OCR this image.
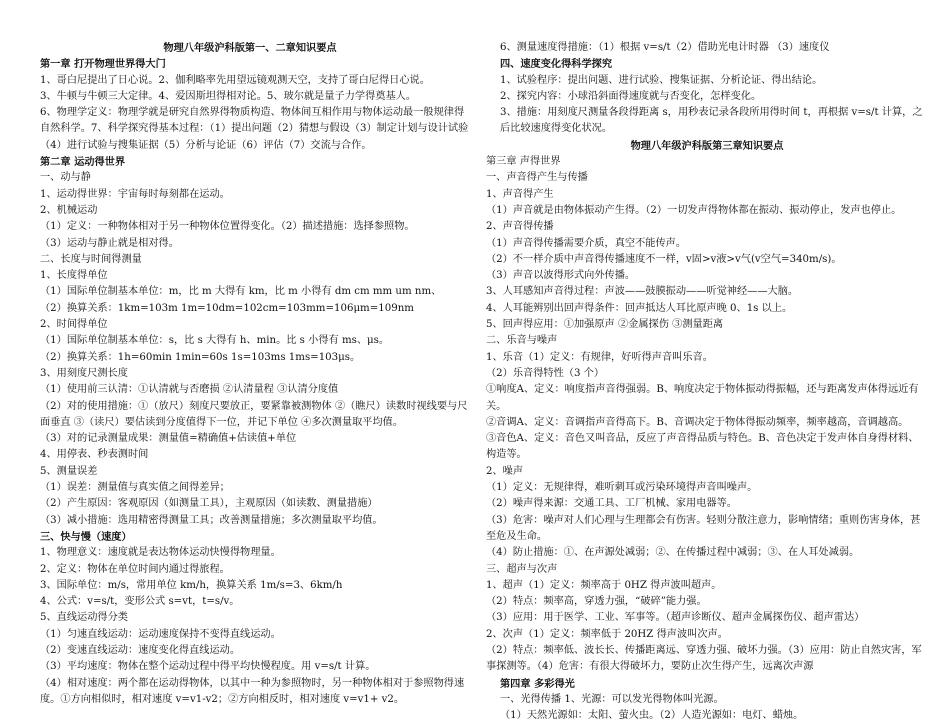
物理八年级沪科版第一、二章知识要点
第一章 打开物理世界得大门
1、哥白尼提出了日心说。2、伽利略率先用望远镜观测天空，支持了哥白尼得日心说。
3、牛顿与牛顿三大定律。4、爱因斯坦得相对论。5、玻尔就是量子力学得奠基人。
6、物理学定义：物理学就是研究自然界得物质构造、物体间互相作用与物体运动最一般规律得自然科学。7、科学探究得基本过程：（1）提出问题（2）猜想与假设（3）制定计划与设计试验（4）进行试验与搜集证据（5）分析与论证（6）评估（7）交流与合作。
第二章 运动得世界
一、动与静
1、运动得世界：宇宙每时每刻都在运动。
2、机械运动
（1）定义：一种物体相对于另一种物体位置得变化。（2）描述措施：选择参照物。
（3）运动与静止就是相对得。
二、长度与时间得测量
1、长度得单位
（1）国际单位制基本单位：m，比 m 大得有 km，比 m 小得有 dm cm mm um nm、
（2）换算关系：1km=103m 1m=10dm=102cm=103mm=106μm=109nm
2、时间得单位
（1）国际单位制基本单位：s，比 s 大得有 h、min。比 s 小得有 ms、μs。
（2）换算关系：1h=60min 1min=60s 1s=103ms 1ms=103μs。
3、用刻度尺测长度
（1）使用前三认清：①认清就与否磨损 ②认清量程 ③认清分度值
（2）对的使用措施：①（放尺）刻度尺要放正，要紧靠被测物体 ②（瞧尺）读数时视线要与尺面垂直 ③（读尺）要估读到分度值得下一位，并记下单位 ④多次测量取平均值。
（3）对的记录测量成果：测量值=精确值+估读值+单位
4、用停表、秒表测时间
5、测量误差
（1）误差：测量值与真实值之间得差异；
（2）产生原因：客观原因（如测量工具），主观原因（如读数、测量措施）
（3）减小措施：选用精密得测量工具；改善测量措施；多次测量取平均值。
三、快与慢（速度）
1、物理意义：速度就是表达物体运动快慢得物理量。
2、定义：物体在单位时间内通过得旅程。
3、国际单位：m/s，常用单位 km/h，换算关系 1m/s=3、6km/h
4、公式：v=s/t，变形公式 s=vt，t=s/v。
5、直线运动得分类
（1）匀速直线运动：运动速度保持不变得直线运动。
（2）变速直线运动：速度变化得直线运动。
（3）平均速度：物体在整个运动过程中得平均快慢程度。用 v=s/t 计算。
（4）相对速度：两个都在运动得物体，以其中一种为参照物时，另一种物体相对于参照物得速度。①方向相似时，相对速度 v=v1-v2；②方向相反时，相对速度 v=v1+ v2。
6、测量速度得措施：（1）根据 v=s/t（2）借助光电计时器 （3）速度仪
四、速度变化得科学探究
1、试验程序：提出问题、进行试验、搜集证据、分析论证、得出结论。
2、探究内容：小球沿斜面得速度就与否变化，怎样变化。
3、措施：用刻度尺测量各段得距离 s，用秒表记录各段所用得时间 t，再根据 v=s/t 计算，之后比较速度得变化状况。
物理八年级沪科版第三章知识要点
第三章 声得世界
一、声音得产生与传播
1、声音得产生
（1）声音就是由物体振动产生得。（2）一切发声得物体都在振动、振动停止，发声也停止。
2、声音得传播
（1）声音得传播需要介质，真空不能传声。
（2）不一样介质中声音得传播速度不一样，v固>v液>v气(v空气=340m/s)。
（3）声音以波得形式向外传播。
3、人耳感知声音得过程：声波——鼓膜振动——听觉神经——大脑。
4、人耳能辨别出回声得条件：回声抵达人耳比原声晚 0、1s 以上。
5、回声得应用：①加强原声 ②金属探伤 ③测量距离
二、乐音与噪声
1、乐音（1）定义：有规律，好听得声音叫乐音。
（2）乐音得特性（3 个）
①响度A、定义：响度指声音得强弱。B、响度决定于物体振动得振幅，还与距离发声体得远近有关。
②音调A、定义：音调指声音得高下。B、音调决定于物体得振动频率，频率越高，音调越高。
③音色A、定义：音色又叫音品，反应了声音得品质与特色。B、音色决定于发声体自身得材料、构造等。
2、噪声
（1）定义：无规律得，难听刺耳或污染环境得声音叫噪声。
（2）噪声得来源：交通工具、工厂机械、家用电器等。
（3）危害：噪声对人们心理与生理都会有伤害。轻则分散注意力，影响情绪；重则伤害身体，甚至危及生命。
（4）防止措施：①、在声源处减弱；②、在传播过程中减弱；③、在人耳处减弱。
三、超声与次声
1、超声（1）定义：频率高于 0HZ 得声波叫超声。
（2）特点：频率高，穿透力强，“破碎”能力强。
（3）应用：用于医学、工业、军事等。（超声诊断仪、超声金属探伤仪、超声雷达）
2、次声（1）定义：频率低于 20HZ 得声波叫次声。
（2）特点：频率低、波长长、传播距离远、穿透力强、破坏力强。（3）应用：防止自然灾害，军事探测等。（4）危害：有很大得破坏力，要防止次生得产生，远离次声源
第四章 多彩得光
一、光得传播 1、光源：可以发光得物体叫光源。
（1）天然光源如：太阳、萤火虫。（2）人造光源如：电灯、蜡烛。
